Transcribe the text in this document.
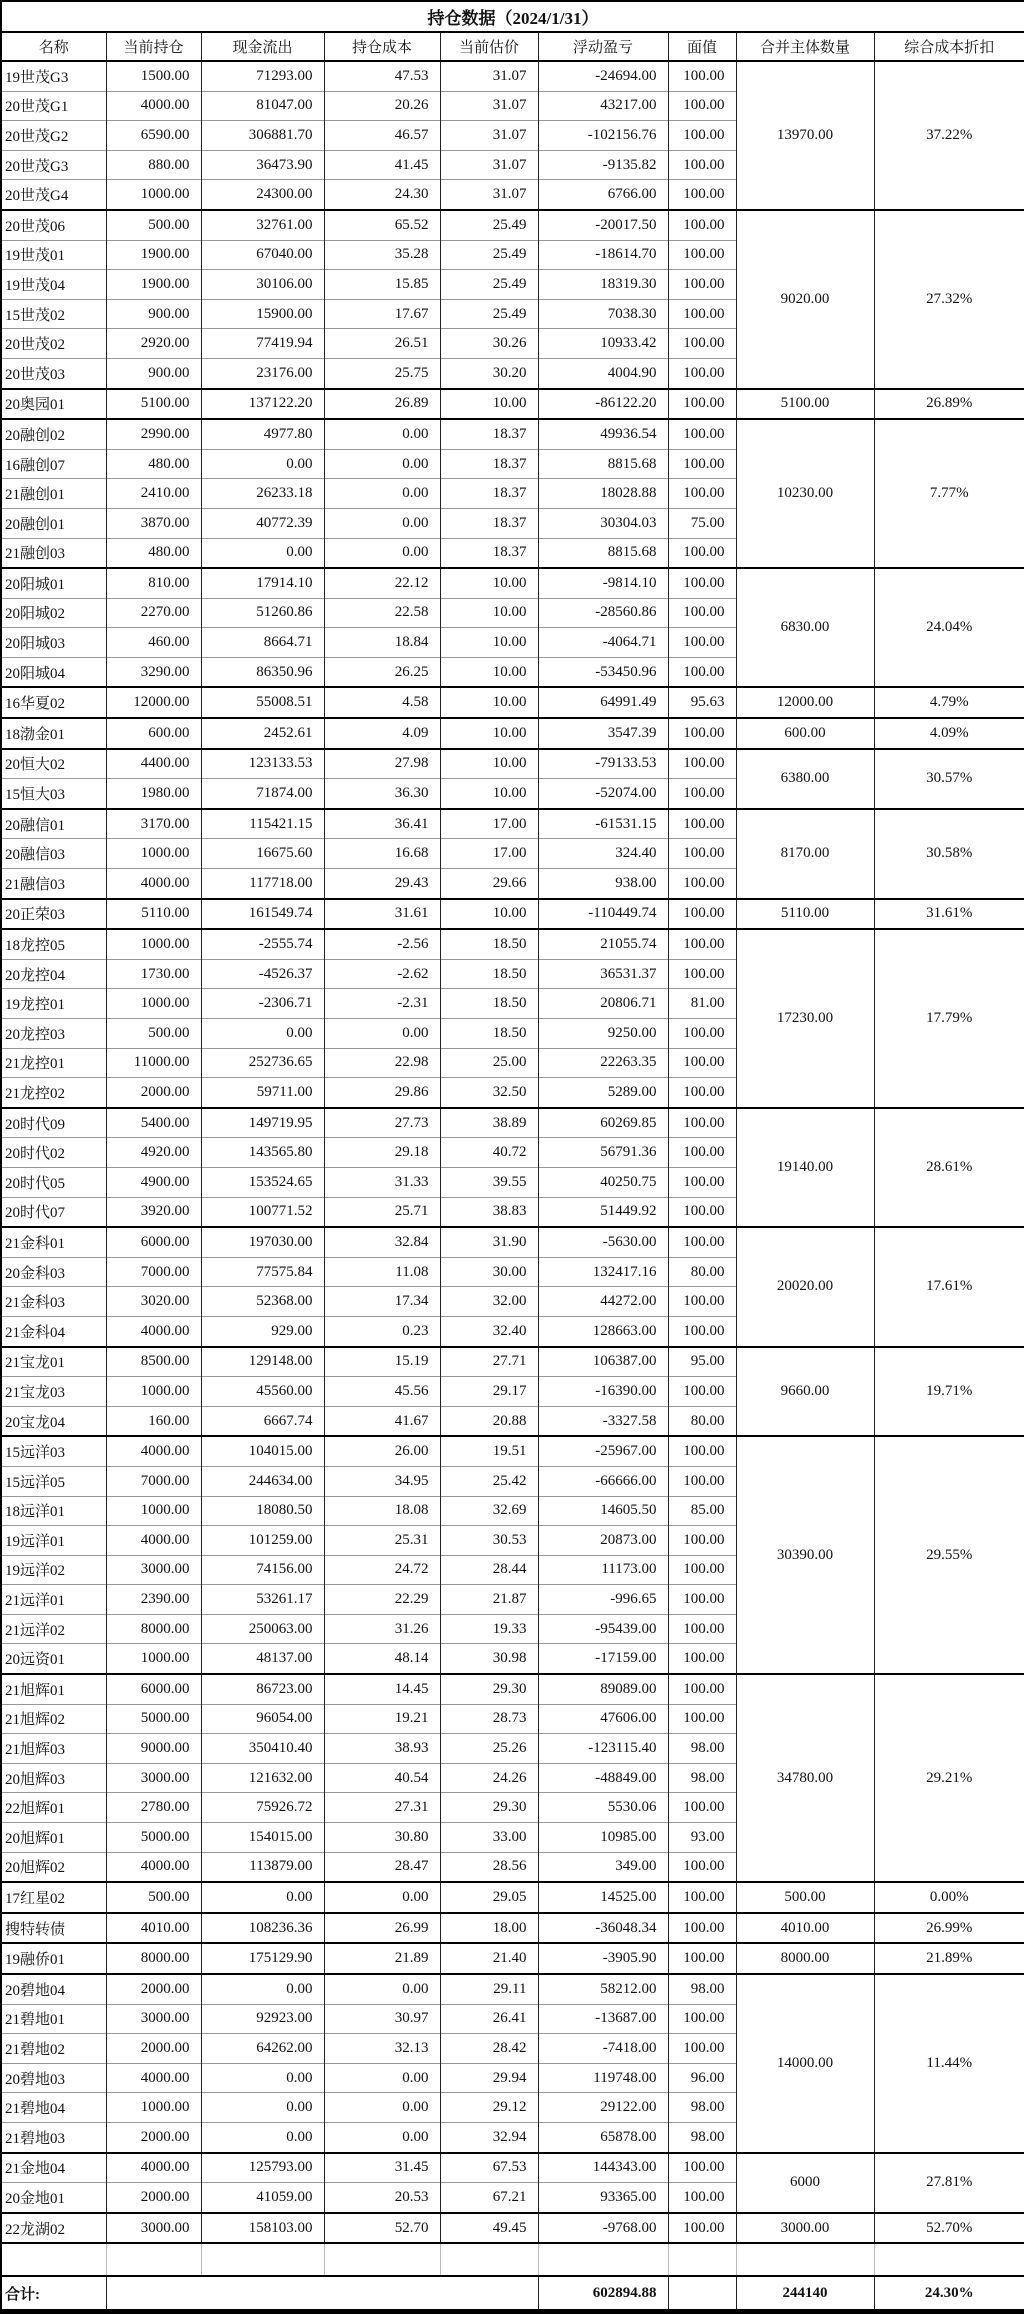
持仓数据（2024/1/31）								
名称	当前持仓	现金流出	持仓成本	当前估价	浮动盈亏	面值	合并主体数量	综合成本折扣
19世茂G3	1500.00	71293.00	47.53	31.07	-24694.00	100.00	13970.00	37.22%
20世茂G1	4000.00	81047.00	20.26	31.07	43217.00	100.00		
20世茂G2	6590.00	306881.70	46.57	31.07	-102156.76	100.00		
20世茂G3	880.00	36473.90	41.45	31.07	-9135.82	100.00		
20世茂G4	1000.00	24300.00	24.30	31.07	6766.00	100.00		
20世茂06	500.00	32761.00	65.52	25.49	-20017.50	100.00	9020.00	27.32%
19世茂01	1900.00	67040.00	35.28	25.49	-18614.70	100.00		
19世茂04	1900.00	30106.00	15.85	25.49	18319.30	100.00		
15世茂02	900.00	15900.00	17.67	25.49	7038.30	100.00		
20世茂02	2920.00	77419.94	26.51	30.26	10933.42	100.00		
20世茂03	900.00	23176.00	25.75	30.20	4004.90	100.00		
20奥园01	5100.00	137122.20	26.89	10.00	-86122.20	100.00	5100.00	26.89%
20融创02	2990.00	4977.80	0.00	18.37	49936.54	100.00	10230.00	7.77%
16融创07	480.00	0.00	0.00	18.37	8815.68	100.00		
21融创01	2410.00	26233.18	0.00	18.37	18028.88	100.00		
20融创01	3870.00	40772.39	0.00	18.37	30304.03	75.00		
21融创03	480.00	0.00	0.00	18.37	8815.68	100.00		
20阳城01	810.00	17914.10	22.12	10.00	-9814.10	100.00	6830.00	24.04%
20阳城02	2270.00	51260.86	22.58	10.00	-28560.86	100.00		
20阳城03	460.00	8664.71	18.84	10.00	-4064.71	100.00		
20阳城04	3290.00	86350.96	26.25	10.00	-53450.96	100.00		
16华夏02	12000.00	55008.51	4.58	10.00	64991.49	95.63	12000.00	4.79%
18渤金01	600.00	2452.61	4.09	10.00	3547.39	100.00	600.00	4.09%
20恒大02	4400.00	123133.53	27.98	10.00	-79133.53	100.00	6380.00	30.57%
15恒大03	1980.00	71874.00	36.30	10.00	-52074.00	100.00		
20融信01	3170.00	115421.15	36.41	17.00	-61531.15	100.00	8170.00	30.58%
20融信03	1000.00	16675.60	16.68	17.00	324.40	100.00		
21融信03	4000.00	117718.00	29.43	29.66	938.00	100.00		
20正荣03	5110.00	161549.74	31.61	10.00	-110449.74	100.00	5110.00	31.61%
18龙控05	1000.00	-2555.74	-2.56	18.50	21055.74	100.00	17230.00	17.79%
20龙控04	1730.00	-4526.37	-2.62	18.50	36531.37	100.00		
19龙控01	1000.00	-2306.71	-2.31	18.50	20806.71	81.00		
20龙控03	500.00	0.00	0.00	18.50	9250.00	100.00		
21龙控01	11000.00	252736.65	22.98	25.00	22263.35	100.00		
21龙控02	2000.00	59711.00	29.86	32.50	5289.00	100.00		
20时代09	5400.00	149719.95	27.73	38.89	60269.85	100.00	19140.00	28.61%
20时代02	4920.00	143565.80	29.18	40.72	56791.36	100.00		
20时代05	4900.00	153524.65	31.33	39.55	40250.75	100.00		
20时代07	3920.00	100771.52	25.71	38.83	51449.92	100.00		
21金科01	6000.00	197030.00	32.84	31.90	-5630.00	100.00	20020.00	17.61%
20金科03	7000.00	77575.84	11.08	30.00	132417.16	80.00		
21金科03	3020.00	52368.00	17.34	32.00	44272.00	100.00		
21金科04	4000.00	929.00	0.23	32.40	128663.00	100.00		
21宝龙01	8500.00	129148.00	15.19	27.71	106387.00	95.00	9660.00	19.71%
21宝龙03	1000.00	45560.00	45.56	29.17	-16390.00	100.00		
20宝龙04	160.00	6667.74	41.67	20.88	-3327.58	80.00		
15远洋03	4000.00	104015.00	26.00	19.51	-25967.00	100.00	30390.00	29.55%
15远洋05	7000.00	244634.00	34.95	25.42	-66666.00	100.00		
18远洋01	1000.00	18080.50	18.08	32.69	14605.50	85.00		
19远洋01	4000.00	101259.00	25.31	30.53	20873.00	100.00		
19远洋02	3000.00	74156.00	24.72	28.44	11173.00	100.00		
21远洋01	2390.00	53261.17	22.29	21.87	-996.65	100.00		
21远洋02	8000.00	250063.00	31.26	19.33	-95439.00	100.00		
20远资01	1000.00	48137.00	48.14	30.98	-17159.00	100.00		
21旭辉01	6000.00	86723.00	14.45	29.30	89089.00	100.00	34780.00	29.21%
21旭辉02	5000.00	96054.00	19.21	28.73	47606.00	100.00		
21旭辉03	9000.00	350410.40	38.93	25.26	-123115.40	98.00		
20旭辉03	3000.00	121632.00	40.54	24.26	-48849.00	98.00		
22旭辉01	2780.00	75926.72	27.31	29.30	5530.06	100.00		
20旭辉01	5000.00	154015.00	30.80	33.00	10985.00	93.00		
20旭辉02	4000.00	113879.00	28.47	28.56	349.00	100.00		
17红星02	500.00	0.00	0.00	29.05	14525.00	100.00	500.00	0.00%
搜特转债	4010.00	108236.36	26.99	18.00	-36048.34	100.00	4010.00	26.99%
19融侨01	8000.00	175129.90	21.89	21.40	-3905.90	100.00	8000.00	21.89%
20碧地04	2000.00	0.00	0.00	29.11	58212.00	98.00	14000.00	11.44%
21碧地01	3000.00	92923.00	30.97	26.41	-13687.00	100.00		
21碧地02	2000.00	64262.00	32.13	28.42	-7418.00	100.00		
20碧地03	4000.00	0.00	0.00	29.94	119748.00	96.00		
21碧地04	1000.00	0.00	0.00	29.12	29122.00	98.00		
21碧地03	2000.00	0.00	0.00	32.94	65878.00	98.00		
21金地04	4000.00	125793.00	31.45	67.53	144343.00	100.00	6000	27.81%
20金地01	2000.00	41059.00	20.53	67.21	93365.00	100.00		
22龙湖02	3000.00	158103.00	52.70	49.45	-9768.00	100.00	3000.00	52.70%

合计:					602894.88		244140	24.30%
